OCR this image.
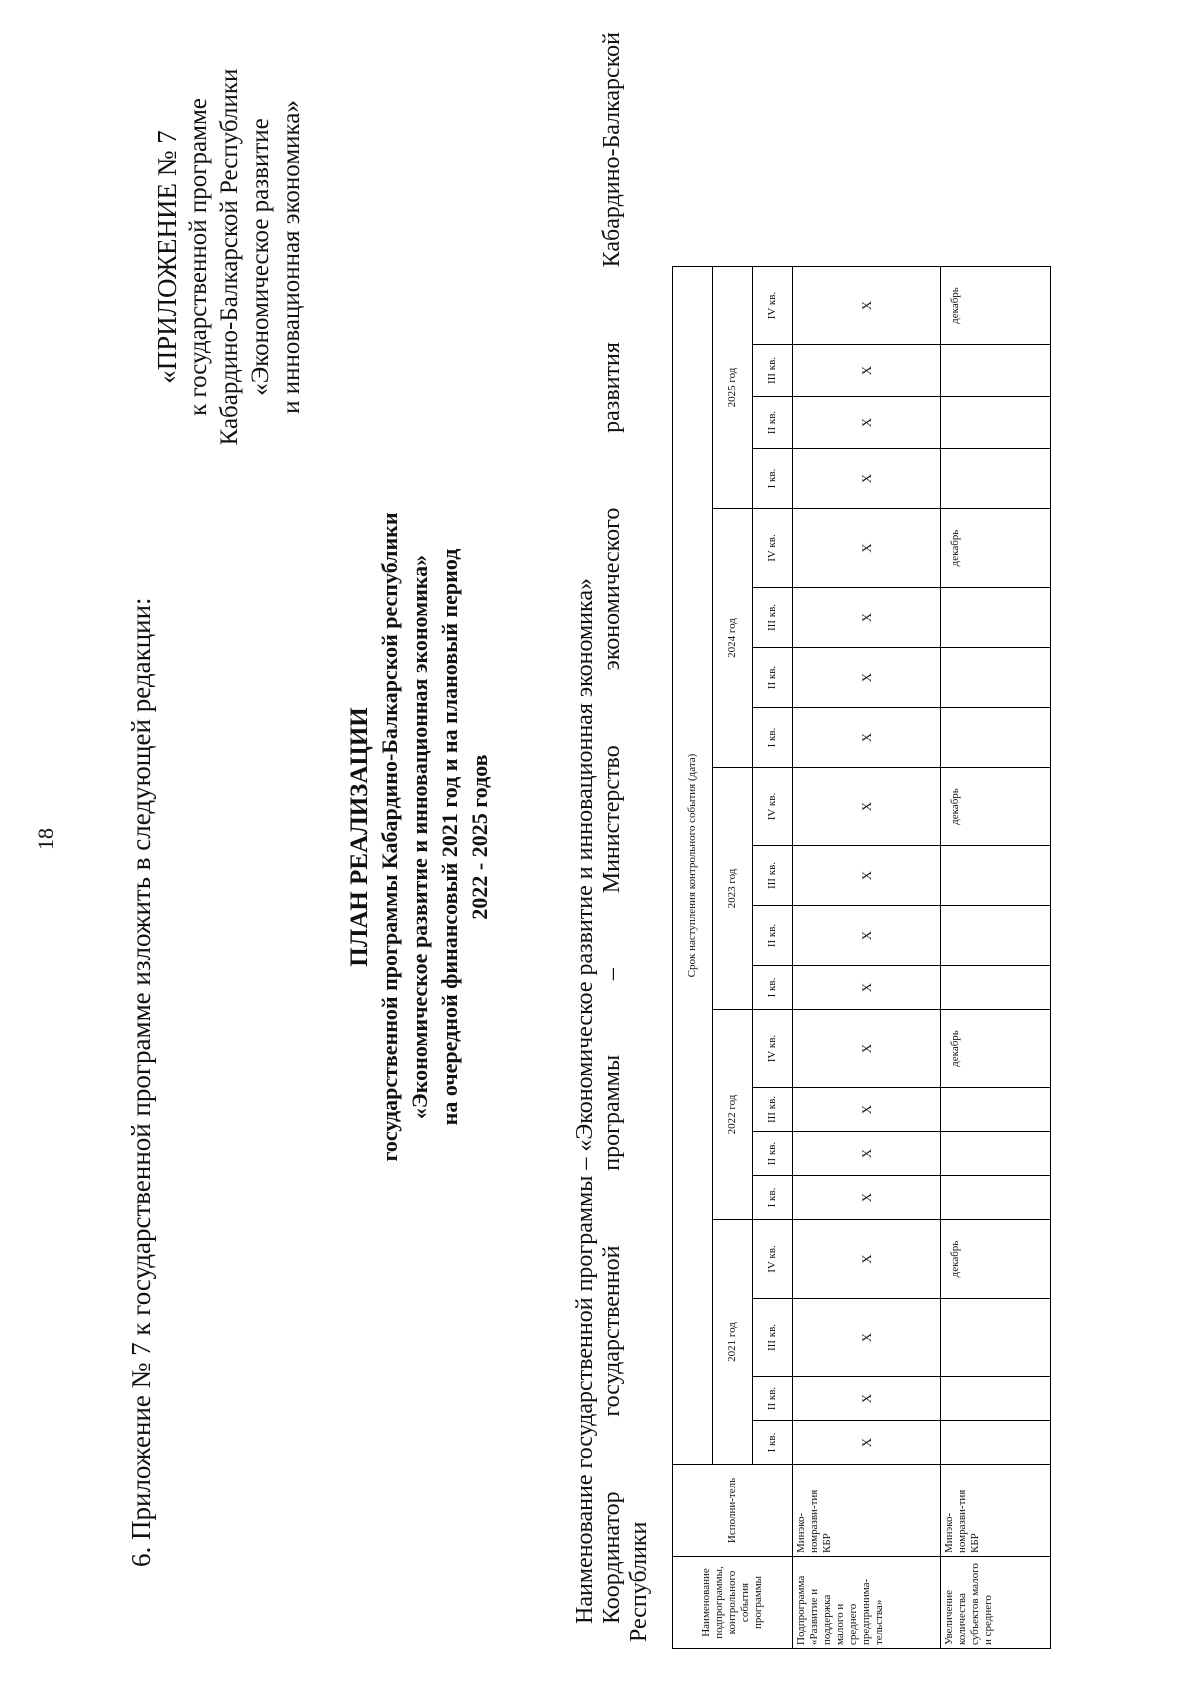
18	6. Приложение № 7 к государственной программе изложить в следующей редакции:
«ПРИЛОЖЕНИЕ № 7 к государственной программе Кабардино-Балкарской Республики «Экономическое развитие и инновационная экономика»
ПЛАН РЕАЛИЗАЦИИ государственной программы Кабардино-Балкарской республики «Экономическое развитие и инновационная экономика» на очередной финансовый 2021 год и на плановый период 2022 - 2025 годов	Наименование государственной программы – «Экономическое развитие и инновационная экономика» Координатор
государственной
программы
–
Министерство
экономического
развития
Кабардино-Балкарской
Республики	Наименование подпрограммы, контрольного события программы	Исполни-тель	Срок наступления контрольного события (дата)																			
		2021 год				2022 год				2023 год				2024 год				2025 год			
		I кв.	II кв.	III кв.	IV кв.	I кв.	II кв.	III кв.	IV кв.	I кв.	II кв.	III кв.	IV кв.	I кв.	II кв.	III кв.	IV кв.	I кв.	II кв.	III кв.	IV кв.
Подпрограмма «Развитие и поддержка малого и среднего предпринима-тельства»	Минэко-номразви-тия КБР	Х	Х	Х	Х	Х	Х	Х	Х	Х	Х	Х	Х	Х	Х	Х	Х	Х	Х	Х	Х
Увеличение количества субъектов малого и среднего	Минэко-номразви-тия КБР				декабрь				декабрь				декабрь				декабрь				декабрь
